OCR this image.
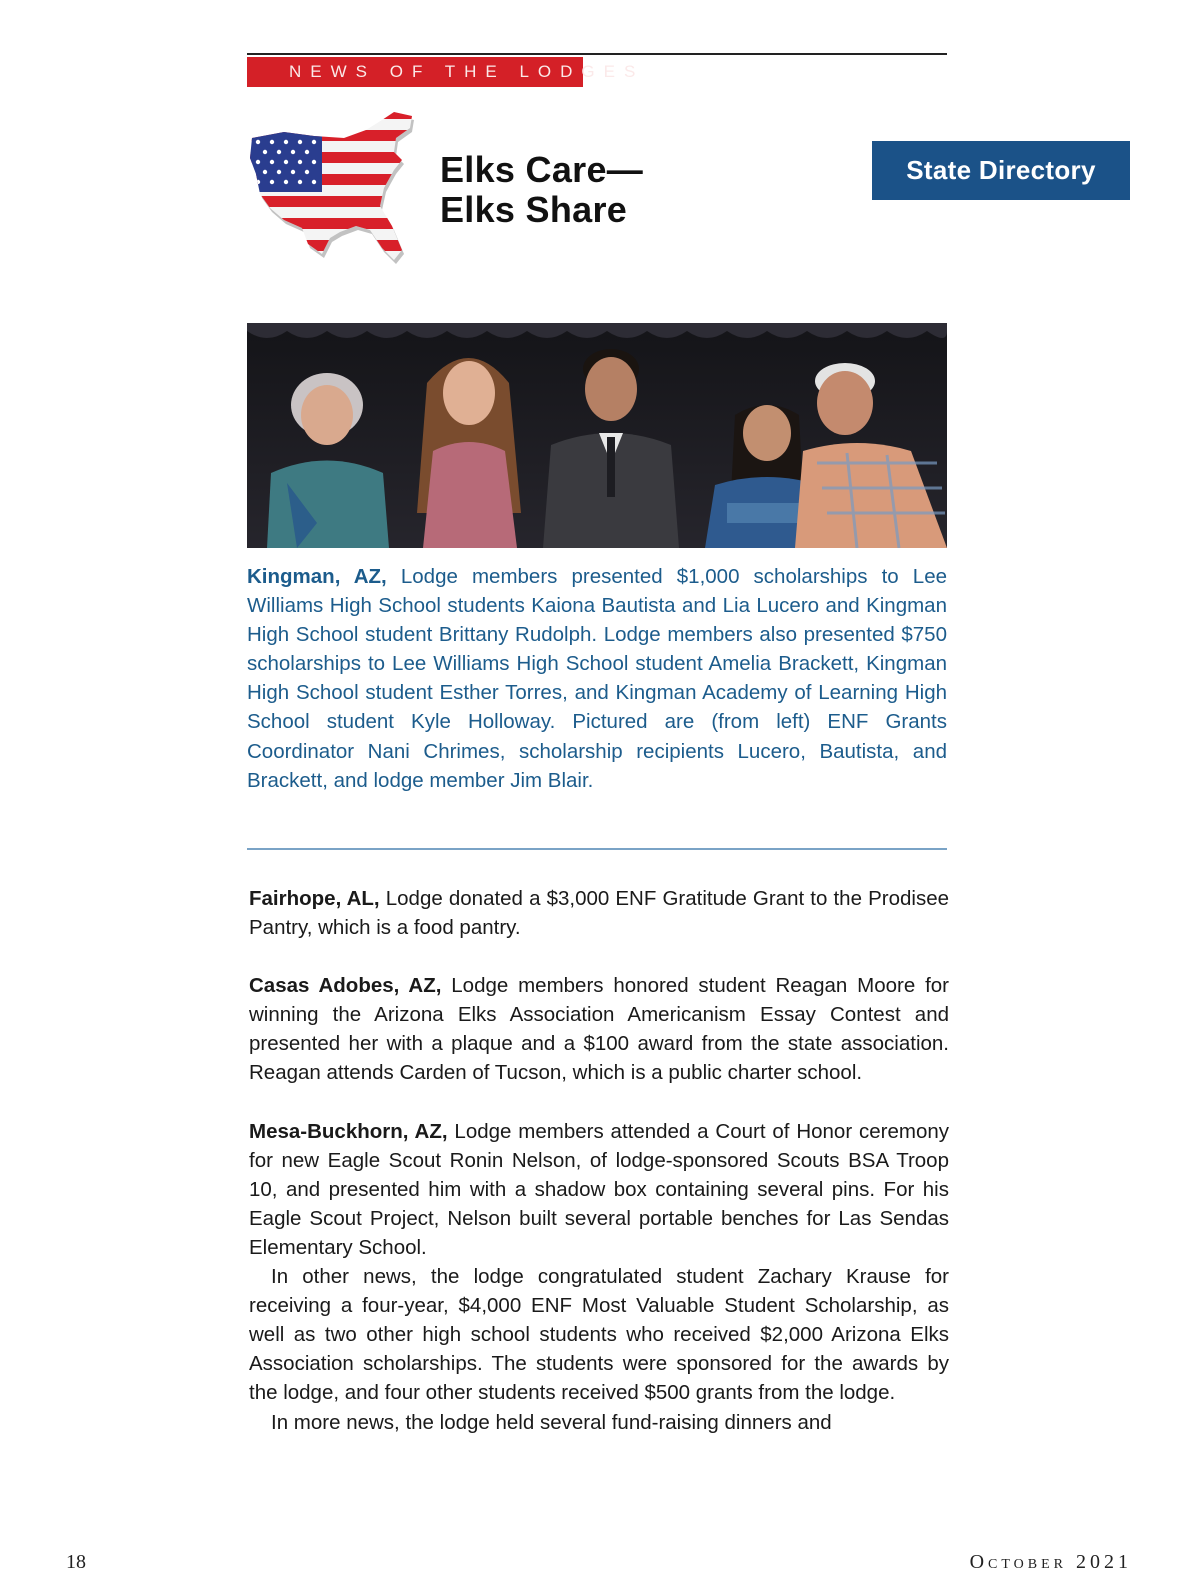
NEWS OF THE LODGES
Elks Care—
Elks Share
State Directory
Kingman, AZ, Lodge members presented $1,000 scholarships to Lee Williams High School students Kaiona Bautista and Lia Lucero and Kingman High School student Brittany Rudolph. Lodge members also presented $750 scholarships to Lee Williams High School student Amelia Brackett, Kingman High School student Esther Torres, and Kingman Academy of Learning High School student Kyle Holloway. Pictured are (from left) ENF Grants Coordinator Nani Chrimes, scholarship recipients Lucero, Bautista, and Brackett, and lodge member Jim Blair.

Fairhope, AL, Lodge donated a $3,000 ENF Gratitude Grant to the Prodisee Pantry, which is a food pantry.

Casas Adobes, AZ, Lodge members honored student Reagan Moore for winning the Arizona Elks Association Americanism Essay Contest and presented her with a plaque and a $100 award from the state association. Reagan attends Carden of Tucson, which is a public charter school.

Mesa-Buckhorn, AZ, Lodge members attended a Court of Honor ceremony for new Eagle Scout Ronin Nelson, of lodge-sponsored Scouts BSA Troop 10, and presented him with a shadow box containing several pins. For his Eagle Scout Project, Nelson built several portable benches for Las Sendas Elementary School.

In other news, the lodge congratulated student Zachary Krause for receiving a four-year, $4,000 ENF Most Valuable Student Scholarship, as well as two other high school students who received $2,000 Arizona Elks Association scholarships. The students were sponsored for the awards by the lodge, and four other students received $500 grants from the lodge.

In more news, the lodge held several fund-raising dinners and

18	October 2021
